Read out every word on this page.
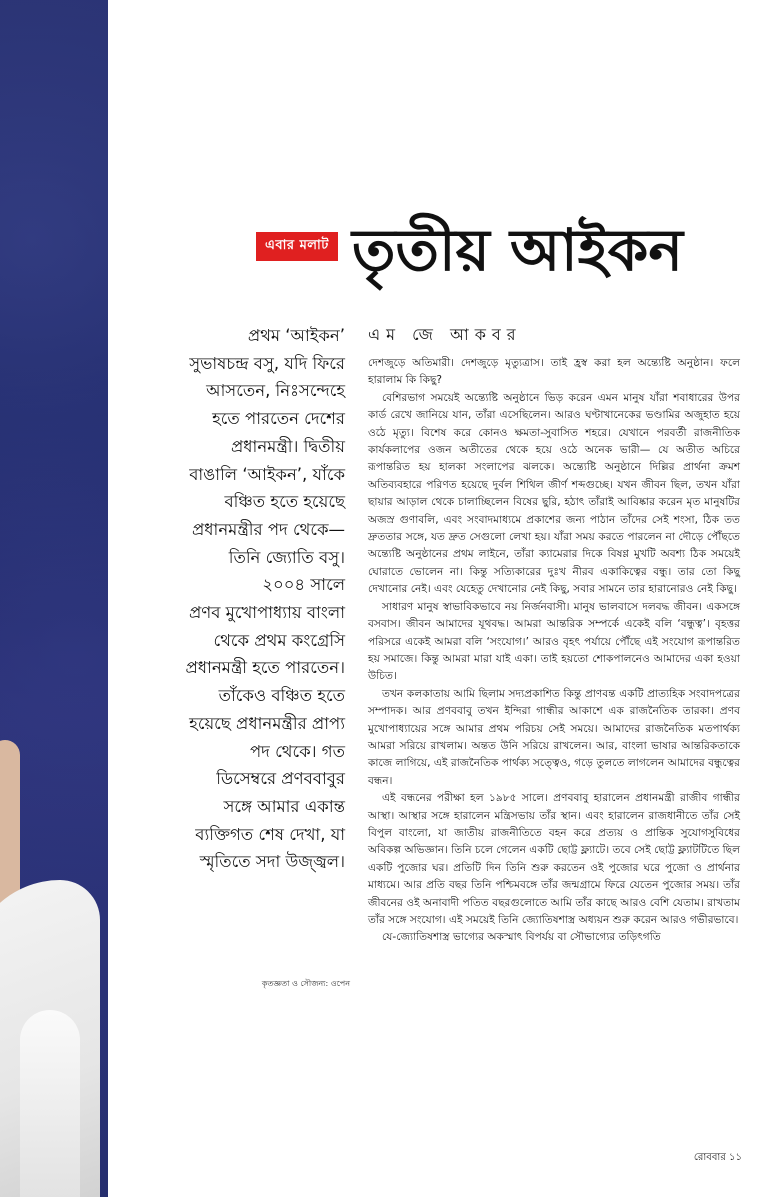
এবার মলাট তৃতীয় আইকন
প্রথম ‘আইকন’
সুভাষচন্দ্র বসু, যদি ফিরে
আসতেন, নিঃসন্দেহে
হতে পারতেন দেশের
প্রধানমন্ত্রী। দ্বিতীয়
বাঙালি ‘আইকন’, যাঁকে
বঞ্চিত হতে হয়েছে
প্রধানমন্ত্রীর পদ থেকে—
তিনি জ্যোতি বসু।
২০০৪ সালে
প্রণব মুখোপাধ্যায় বাংলা
থেকে প্রথম কংগ্রেসি
প্রধানমন্ত্রী হতে পারতেন।
তাঁকেও বঞ্চিত হতে
হয়েছে প্রধানমন্ত্রীর প্রাপ্য
পদ থেকে। গত
ডিসেম্বরে প্রণববাবুর
সঙ্গে আমার একান্ত
ব্যক্তিগত শেষ দেখা, যা
স্মৃতিতে সদা উজ্জ্বল।
কৃতজ্ঞতা ও সৌজন্য: ওপেন
এম জে আকবর

দেশজুড়ে অতিমারী। দেশজুড়ে মৃত্যুত্রাস। তাই হ্রস্ব করা হল অন্ত্যেষ্টি অনুষ্ঠান। ফলে হারালাম কি কিছু?

বেশিরভাগ সময়েই অন্ত্যেষ্টি অনুষ্ঠানে ভিড় করেন এমন মানুষ যাঁরা শবাধারের উপর কার্ড রেখে জানিয়ে যান, তাঁরা এসেছিলেন। আরও ঘণ্টাখানেকের ভণ্ডামির অজুহাত হয়ে ওঠে মৃত্যু। বিশেষ করে কোনও ক্ষমতা-সুবাসিত শহরে। যেখানে পরবর্তী রাজনীতিক কার্যকলাপের ওজন অতীতের থেকে হয়ে ওঠে অনেক ভারী— যে অতীত অচিরে রূপান্তরিত হয় হালকা সংলাপের ঝলকে। অন্ত্যেষ্টি অনুষ্ঠানে দিল্লির প্রার্থনা ক্রমশ অতিব্যবহারে পরিণত হয়েছে দুর্বল শিথিল জীর্ণ শব্দগুচ্ছে। যখন জীবন ছিল, তখন যাঁরা ছায়ার আড়াল থেকে চালাচ্ছিলেন বিষের ছুরি, হঠাৎ তাঁরাই আবিষ্কার করেন মৃত মানুষটির অজস্র গুণাবলি, এবং সংবাদমাধ্যমে প্রকাশের জন্য পাঠান তাঁদের সেই শংসা, ঠিক তত দ্রুততার সঙ্গে, যত দ্রুত সেগুলো লেখা হয়। যাঁরা সময় করতে পারলেন না দৌড়ে পৌঁছতে অন্ত্যেষ্টি অনুষ্ঠানের প্রথম লাইনে, তাঁরা ক্যামেরার দিকে বিষণ্ণ মুখটি অবশ্য ঠিক সময়েই ঘোরাতে ভোলেন না। কিন্তু সত্যিকারের দুঃখ নীরব একাকিত্বের বন্ধু। তার তো কিছু দেখানোর নেই। এবং যেহেতু দেখানোর নেই কিছু, সবার সামনে তার হারানোরও নেই কিছু।

সাধারণ মানুষ স্বাভাবিকভাবে নয় নির্জনবাসী। মানুষ ভালবাসে দলবদ্ধ জীবন। একসঙ্গে বসবাস। জীবন আমাদের যূথবদ্ধ। আমরা আন্তরিক সম্পর্কে একেই বলি ‘বন্ধুত্ব’। বৃহত্তর পরিসরে একেই আমরা বলি ‘সংযোগ।’ আরও বৃহৎ পর্যায়ে পৌঁছে এই সংযোগ রূপান্তরিত হয় সমাজে। কিন্তু আমরা মারা যাই একা। তাই হয়তো শোকপালনেও আমাদের একা হওয়া উচিত।

তখন কলকাতায় আমি ছিলাম সদ্যপ্রকাশিত কিন্তু প্রাণবন্ত একটি প্রাত্যহিক সংবাদপত্রের সম্পাদক। আর প্রণববাবু তখন ইন্দিরা গান্ধীর আকাশে এক রাজনৈতিক তারকা। প্রণব মুখোপাধ্যায়ের সঙ্গে আমার প্রথম পরিচয় সেই সময়ে। আমাদের রাজনৈতিক মতপার্থক্য আমরা সরিয়ে রাখলাম। অন্তত উনি সরিয়ে রাখলেন। আর, বাংলা ভাষার আন্তরিকতাকে কাজে লাগিয়ে, এই রাজনৈতিক পার্থক্য সত্ত্বেও, গড়ে তুলতে লাগলেন আমাদের বন্ধুত্বের বন্ধন।

এই বন্ধনের পরীক্ষা হল ১৯৮৫ সালে। প্রণববাবু হারালেন প্রধানমন্ত্রী রাজীব গান্ধীর আস্থা। আস্থার সঙ্গে হারালেন মন্ত্রিসভায় তাঁর স্থান। এবং হারালেন রাজধানীতে তাঁর সেই বিপুল বাংলো, যা জাতীয় রাজনীতিতে বহন করে প্রত্যয় ও প্রান্তিক সুযোগসুবিধের অবিকল্প অভিজ্ঞান। তিনি চলে গেলেন একটি ছোট্ট ফ্ল্যাটে। তবে সেই ছোট্ট ফ্ল্যাটটিতে ছিল একটি পুজোর ঘর। প্রতিটি দিন তিনি শুরু করতেন ওই পুজোর ঘরে পুজো ও প্রার্থনার মাধ্যমে। আর প্রতি বছর তিনি পশ্চিমবঙ্গে তাঁর জন্মগ্রামে ফিরে যেতেন পুজোর সময়। তাঁর জীবনের ওই অনাবাদী পতিত বছরগুলোতে আমি তাঁর কাছে আরও বেশি যেতাম। রাখতাম তাঁর সঙ্গে সংযোগ। এই সময়েই তিনি জ্যোতিষশাস্ত্র অধ্যয়ন শুরু করেন আরও গভীরভাবে।

যে-জ্যোতিষশাস্ত্র ভাগ্যের অকস্মাৎ বিপর্যয় বা সৌভাগ্যের তড়িৎগতি

রোববার ১১
